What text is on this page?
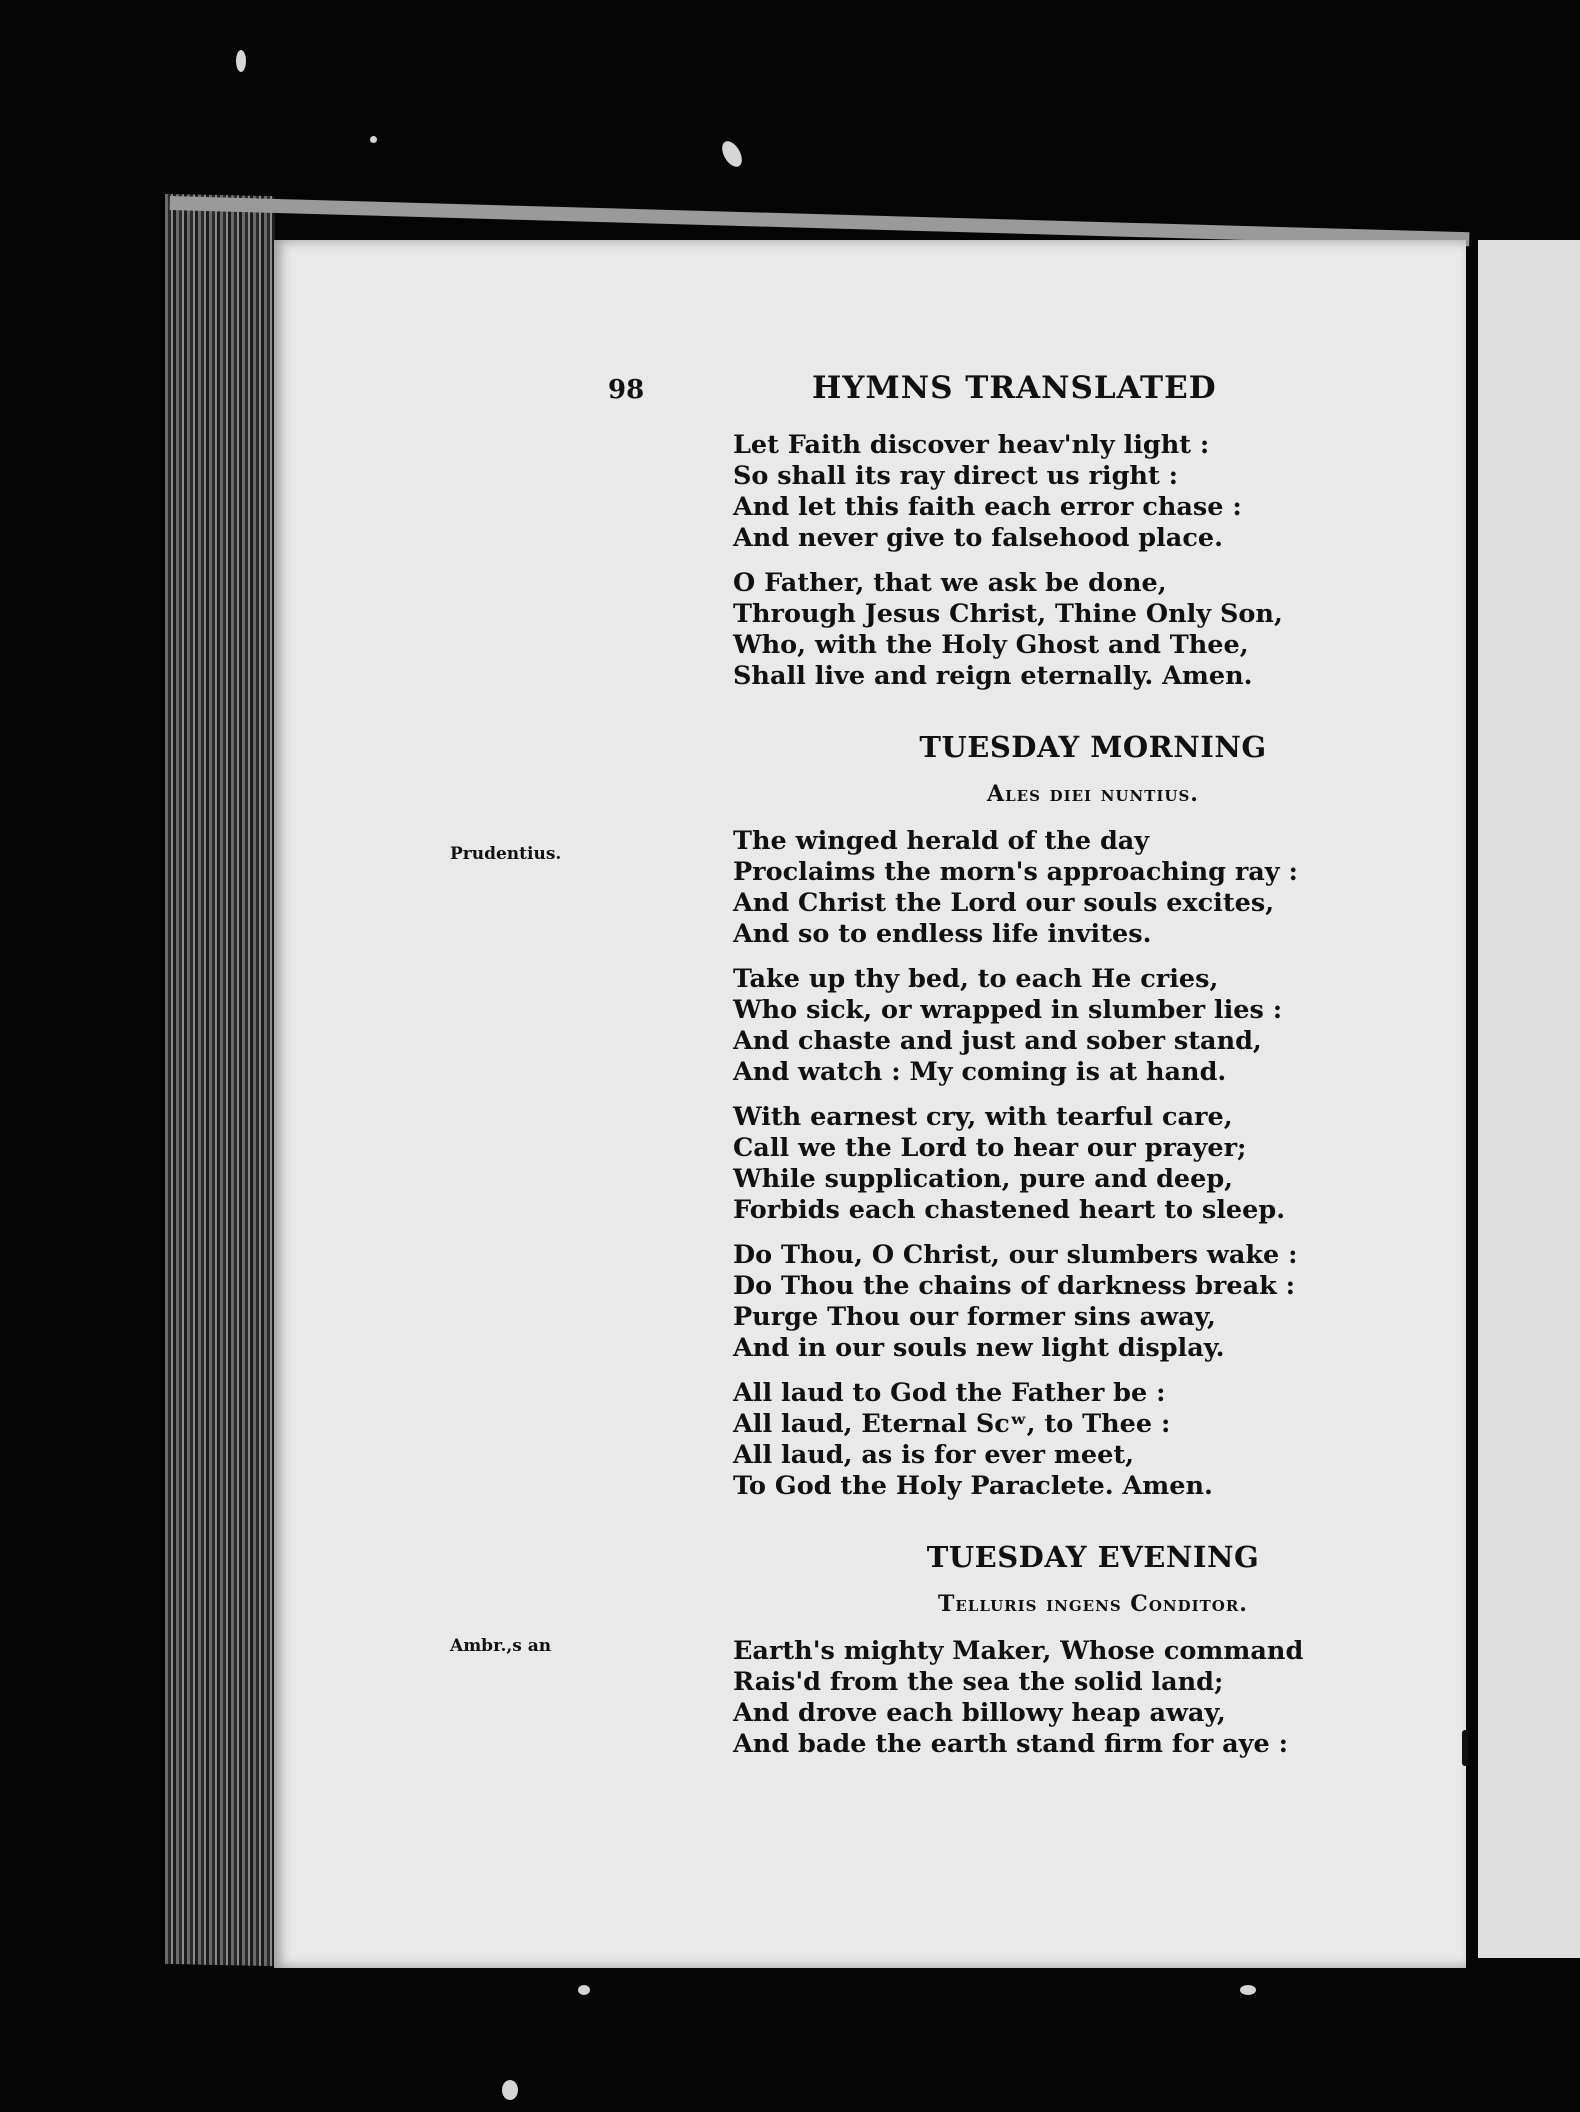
98	HYMNS TRANSLATED
Prudentius.
Ambr.,s an
Let Faith discover heav'nly light :
So shall its ray direct us right :
And let this faith each error chase :
And never give to falsehood place.
O Father, that we ask be done,
Through Jesus Christ, Thine Only Son,
Who, with the Holy Ghost and Thee,
Shall live and reign eternally. Amen.
TUESDAY MORNING
Ales diei nuntius.
The winged herald of the day
Proclaims the morn's approaching ray :
And Christ the Lord our souls excites,
And so to endless life invites.
Take up thy bed, to each He cries,
Who sick, or wrapped in slumber lies :
And chaste and just and sober stand,
And watch : My coming is at hand.
With earnest cry, with tearful care,
Call we the Lord to hear our prayer;
While supplication, pure and deep,
Forbids each chastened heart to sleep.
Do Thou, O Christ, our slumbers wake :
Do Thou the chains of darkness break :
Purge Thou our former sins away,
And in our souls new light display.
All laud to God the Father be :
All laud, Eternal Scʷ, to Thee :
All laud, as is for ever meet,
To God the Holy Paraclete. Amen.
TUESDAY EVENING
Telluris ingens Conditor.
Earth's mighty Maker, Whose command
Rais'd from the sea the solid land;
And drove each billowy heap away,
And bade the earth stand firm for aye :
